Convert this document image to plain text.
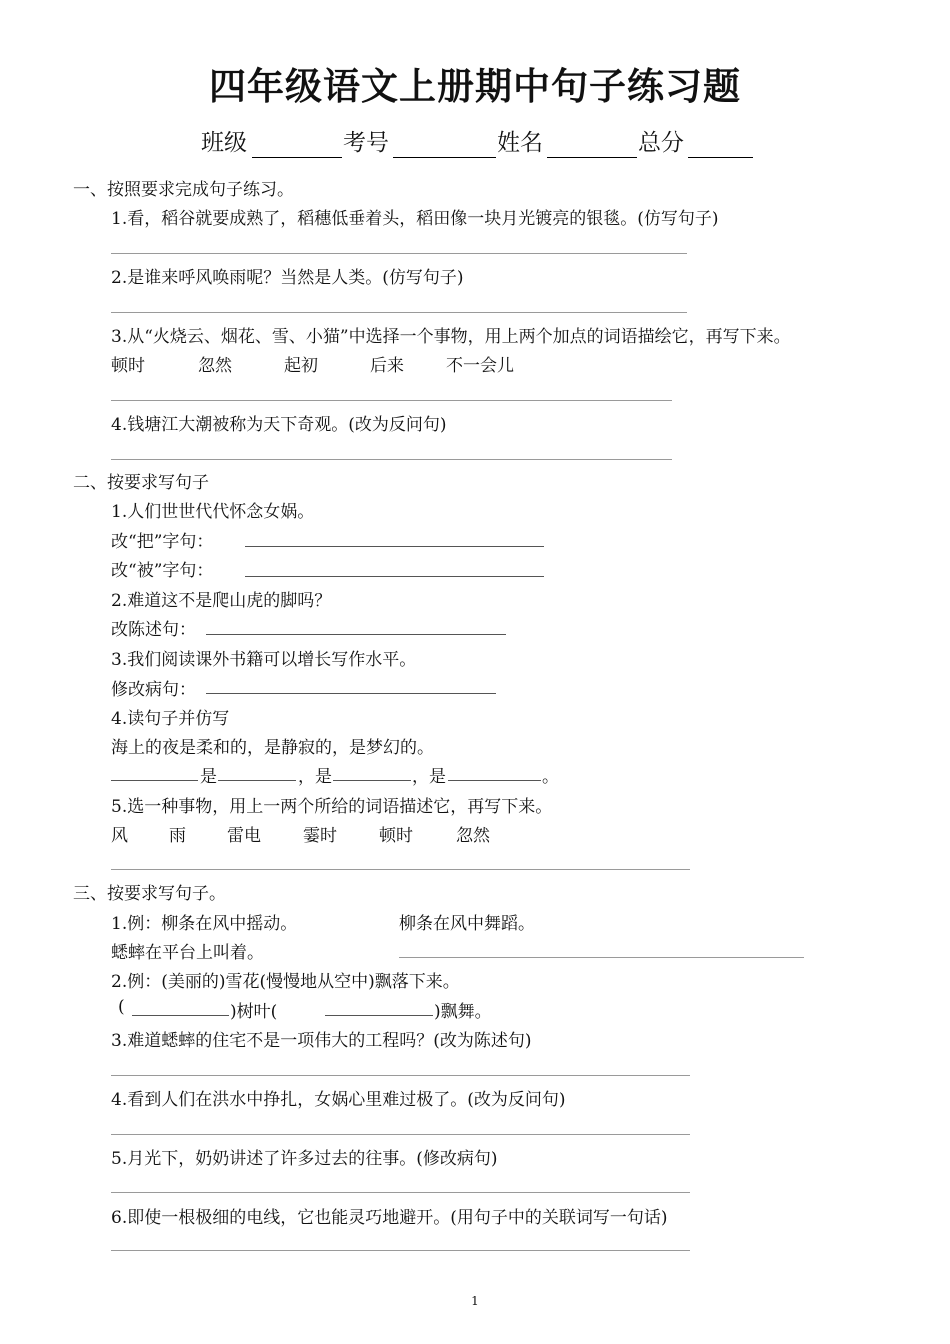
四年级语文上册期中句子练习题
班级	考号	姓名	总分
一、按照要求完成句子练习。
1.看，稻谷就要成熟了，稻穗低垂着头，稻田像一块月光镀亮的银毯。(仿写句子)
2.是谁来呼风唤雨呢？当然是人类。(仿写句子)
3.从“火烧云、烟花、雪、小猫”中选择一个事物，用上两个加点的词语描绘它，再写下来。
顿时	忽然	起初	后来 不一会儿
4.钱塘江大潮被称为天下奇观。(改为反问句)
二、按要求写句子
1.人们世世代代怀念女娲。
改“把”字句：
改“被”字句：
2.难道这不是爬山虎的脚吗？
改陈述句：
3.我们阅读课外书籍可以增长写作水平。
修改病句：
4.读句子并仿写
海上的夜是柔和的，是静寂的，是梦幻的。
是	，是	，是	。
5.选一种事物，用上一两个所给的词语描述它，再写下来。
风 雨 雷电 霎时 顿时	忽然
三、按要求写句子。
1.例：柳条在风中摇动。	柳条在风中舞蹈。
蟋蟀在平台上叫着。
2.例：(美丽的)雪花(慢慢地从空中)飘落下来。
(	)树叶(	)飘舞。
3.难道蟋蟀的住宅不是一项伟大的工程吗？(改为陈述句)
4.看到人们在洪水中挣扎，女娲心里难过极了。(改为反问句)
5.月光下，奶奶讲述了许多过去的往事。(修改病句)
6.即使一根极细的电线，它也能灵巧地避开。(用句子中的关联词写一句话)
1
